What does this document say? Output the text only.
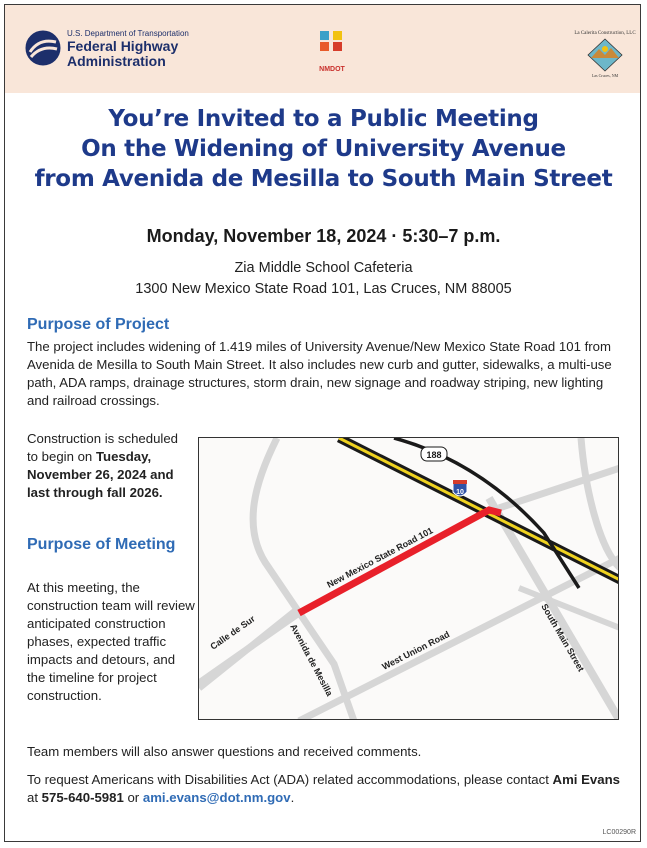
U.S. Department of Transportation
Federal Highway
Administration
NMDOT
La Calerita Construction, LLC
Las Cruces, NM
You’re Invited to a Public Meeting
On the Widening of University Avenue
from Avenida de Mesilla to South Main Street
Monday, November 18, 2024 · 5:30–7 p.m.
Zia Middle School Cafeteria
1300 New Mexico State Road 101, Las Cruces, NM 88005
Purpose of Project
The project includes widening of 1.419 miles of University Avenue/New Mexico State Road 101 from Avenida de Mesilla to South Main Street. It also includes new curb and gutter, sidewalks, a multi-use path, ADA ramps, drainage structures, storm drain, new signage and roadway striping, new lighting and railroad crossings.
Construction is scheduled to begin on Tuesday, November 26, 2024 and last through fall 2026.
Purpose of Meeting
At this meeting, the construction team will review anticipated construction phases, expected traffic impacts and detours, and the timeline for project construction.
Team members will also answer questions and received comments.
To request Americans with Disabilities Act (ADA) related accommodations, please contact Ami Evans at 575-640-5981 or ami.evans@dot.nm.gov.
188
10
New Mexico State Road 101
Calle de Sur	Avenida de Mesilla	West Union Road	South Main Street
LC00290R
